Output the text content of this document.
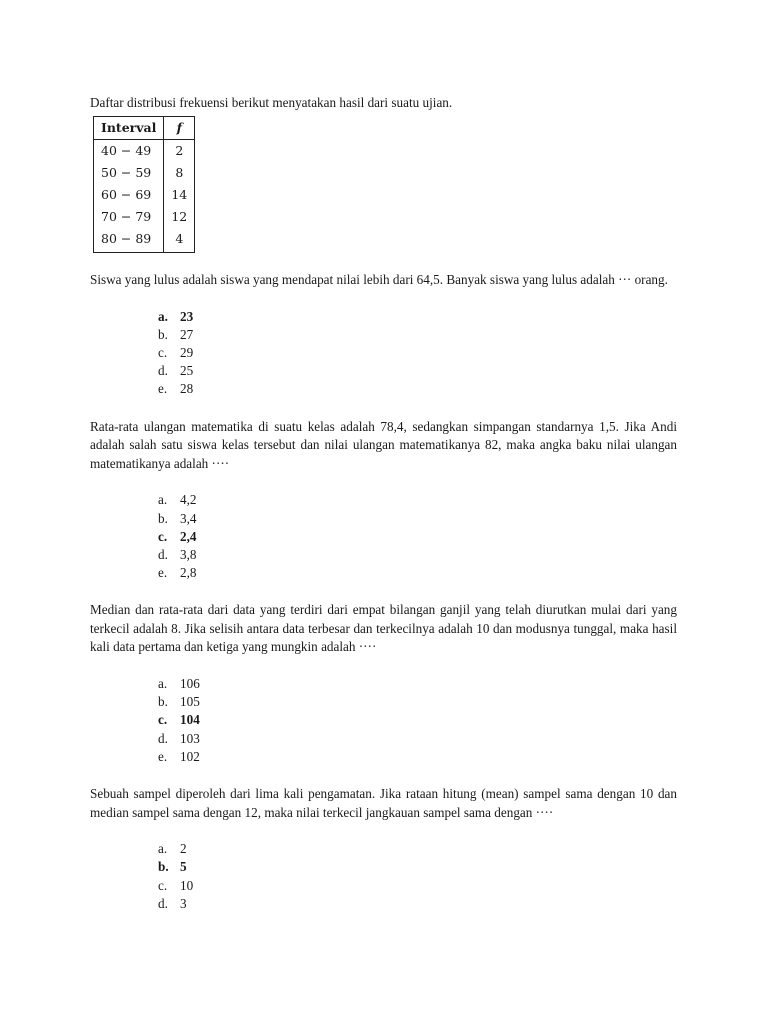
Daftar distribusi frekuensi berikut menyatakan hasil dari suatu ujian.

Interval	f
40 − 49	2
50 − 59	8
60 − 69	14
70 − 79	12
80 − 89	4

Siswa yang lulus adalah siswa yang mendapat nilai lebih dari 64,5. Banyak siswa yang lulus adalah ··· orang.

a. 23
b. 27
c. 29
d. 25
e. 28

Rata-rata ulangan matematika di suatu kelas adalah 78,4, sedangkan simpangan standarnya 1,5. Jika Andi adalah salah satu siswa kelas tersebut dan nilai ulangan matematikanya 82, maka angka baku nilai ulangan matematikanya adalah ····

a. 4,2
b. 3,4
c. 2,4
d. 3,8
e. 2,8

Median dan rata-rata dari data yang terdiri dari empat bilangan ganjil yang telah diurutkan mulai dari yang terkecil adalah 8. Jika selisih antara data terbesar dan terkecilnya adalah 10 dan modusnya tunggal, maka hasil kali data pertama dan ketiga yang mungkin adalah ····

a. 106
b. 105
c. 104
d. 103
e. 102

Sebuah sampel diperoleh dari lima kali pengamatan. Jika rataan hitung (mean) sampel sama dengan 10 dan median sampel sama dengan 12, maka nilai terkecil jangkauan sampel sama dengan ····

a. 2
b. 5
c. 10
d. 3
